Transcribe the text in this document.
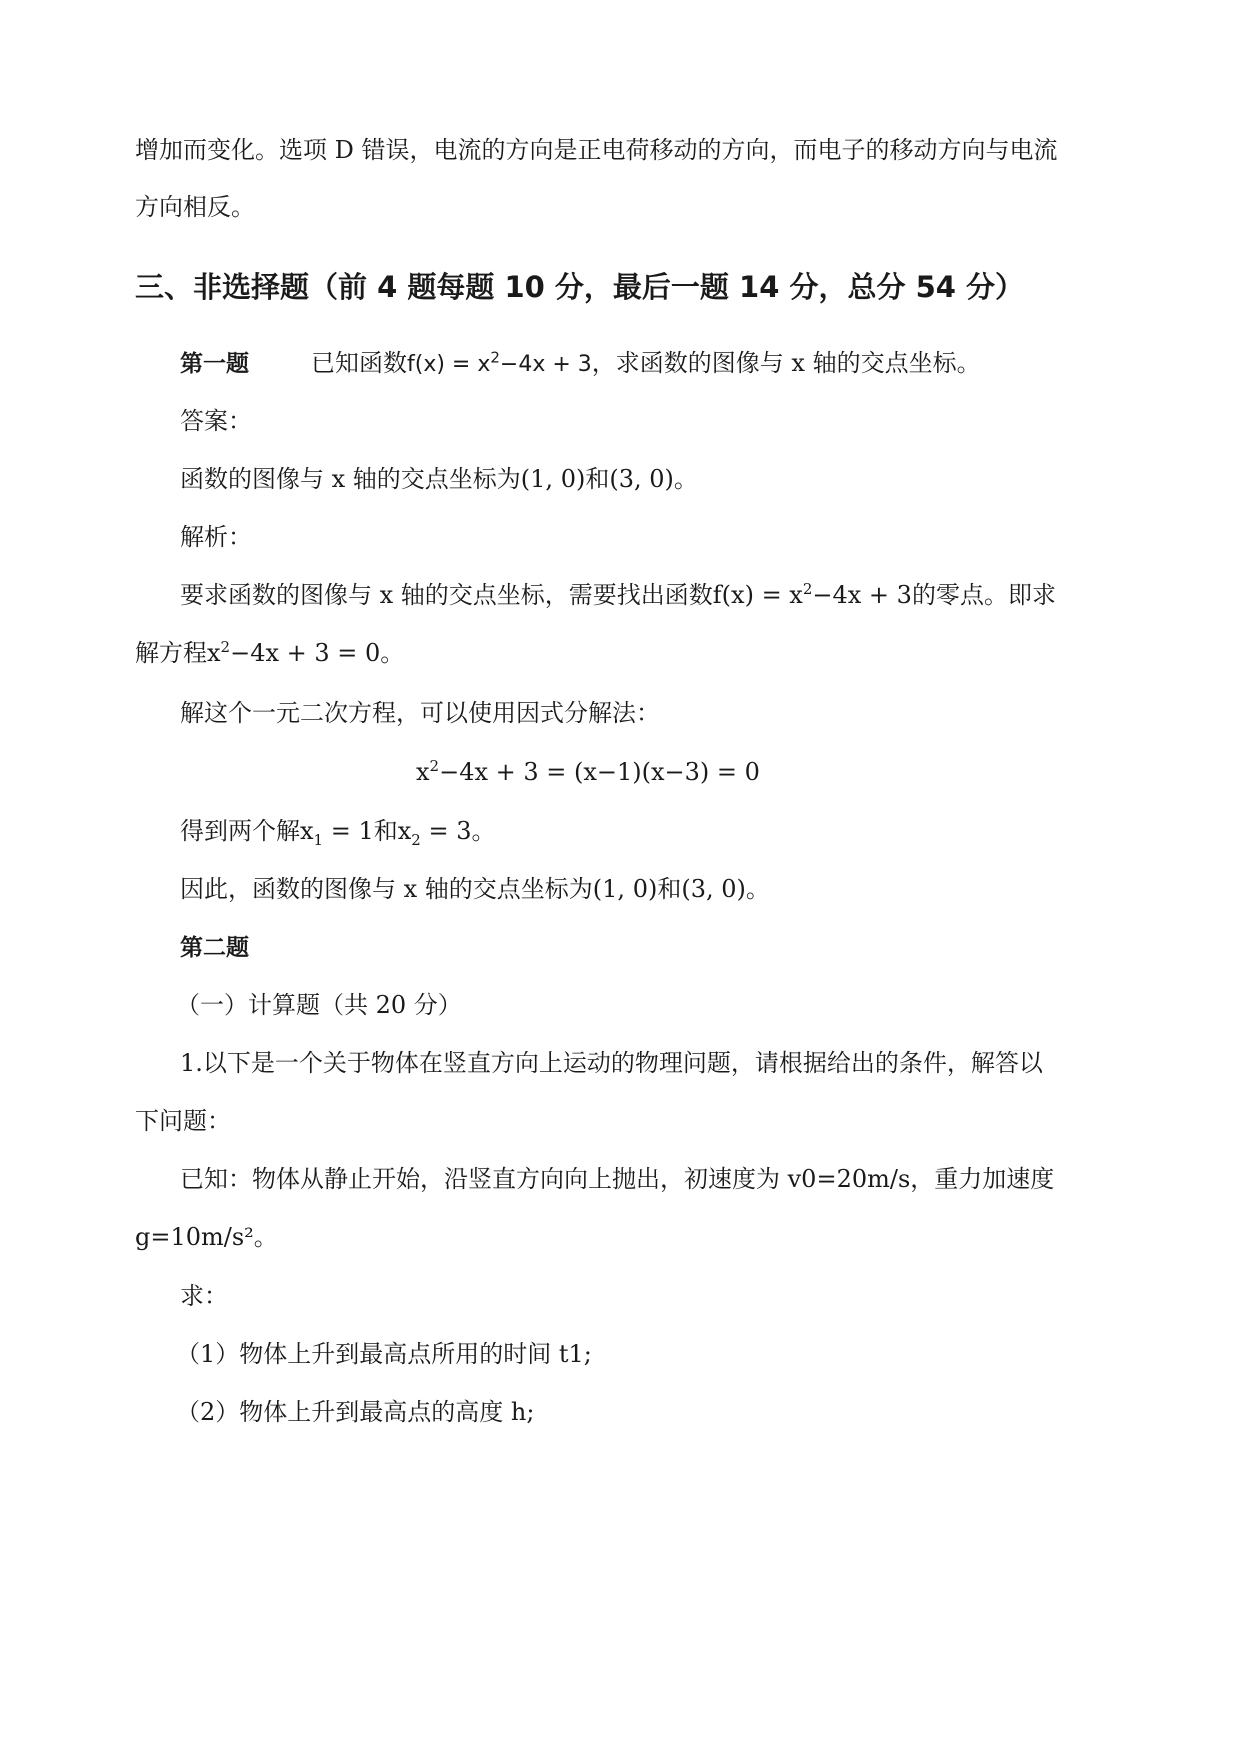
增加而变化。选项 D 错误，电流的方向是正电荷移动的方向，而电子的移动方向与电流
方向相反。
三、非选择题（前 4 题每题 10 分，最后一题 14 分，总分 54 分）
第一题	已知函数$f(x) = x^2-4x + 3$，求函数的图像与 x 轴的交点坐标。
答案：
函数的图像与 x 轴的交点坐标为(1, 0)和(3, 0)。
解析：
要求函数的图像与 x 轴的交点坐标，需要找出函数$f(x) = x^2-4x + 3$的零点。即求
解方程$x^2-4x + 3 = 0$。
解这个一元二次方程，可以使用因式分解法：
$x^2-4x + 3 = (x-1)(x-3) = 0$
得到两个解$x_1 = 1$和$x_2 = 3$。
因此，函数的图像与 x 轴的交点坐标为(1, 0)和(3, 0)。
第二题
（一）计算题（共 20 分）
1.以下是一个关于物体在竖直方向上运动的物理问题，请根据给出的条件，解答以
下问题：
已知：物体从静止开始，沿竖直方向向上抛出，初速度为 v0=20m/s，重力加速度
g=10m/s²。
求：
（1）物体上升到最高点所用的时间 t1;
（2）物体上升到最高点的高度 h;
